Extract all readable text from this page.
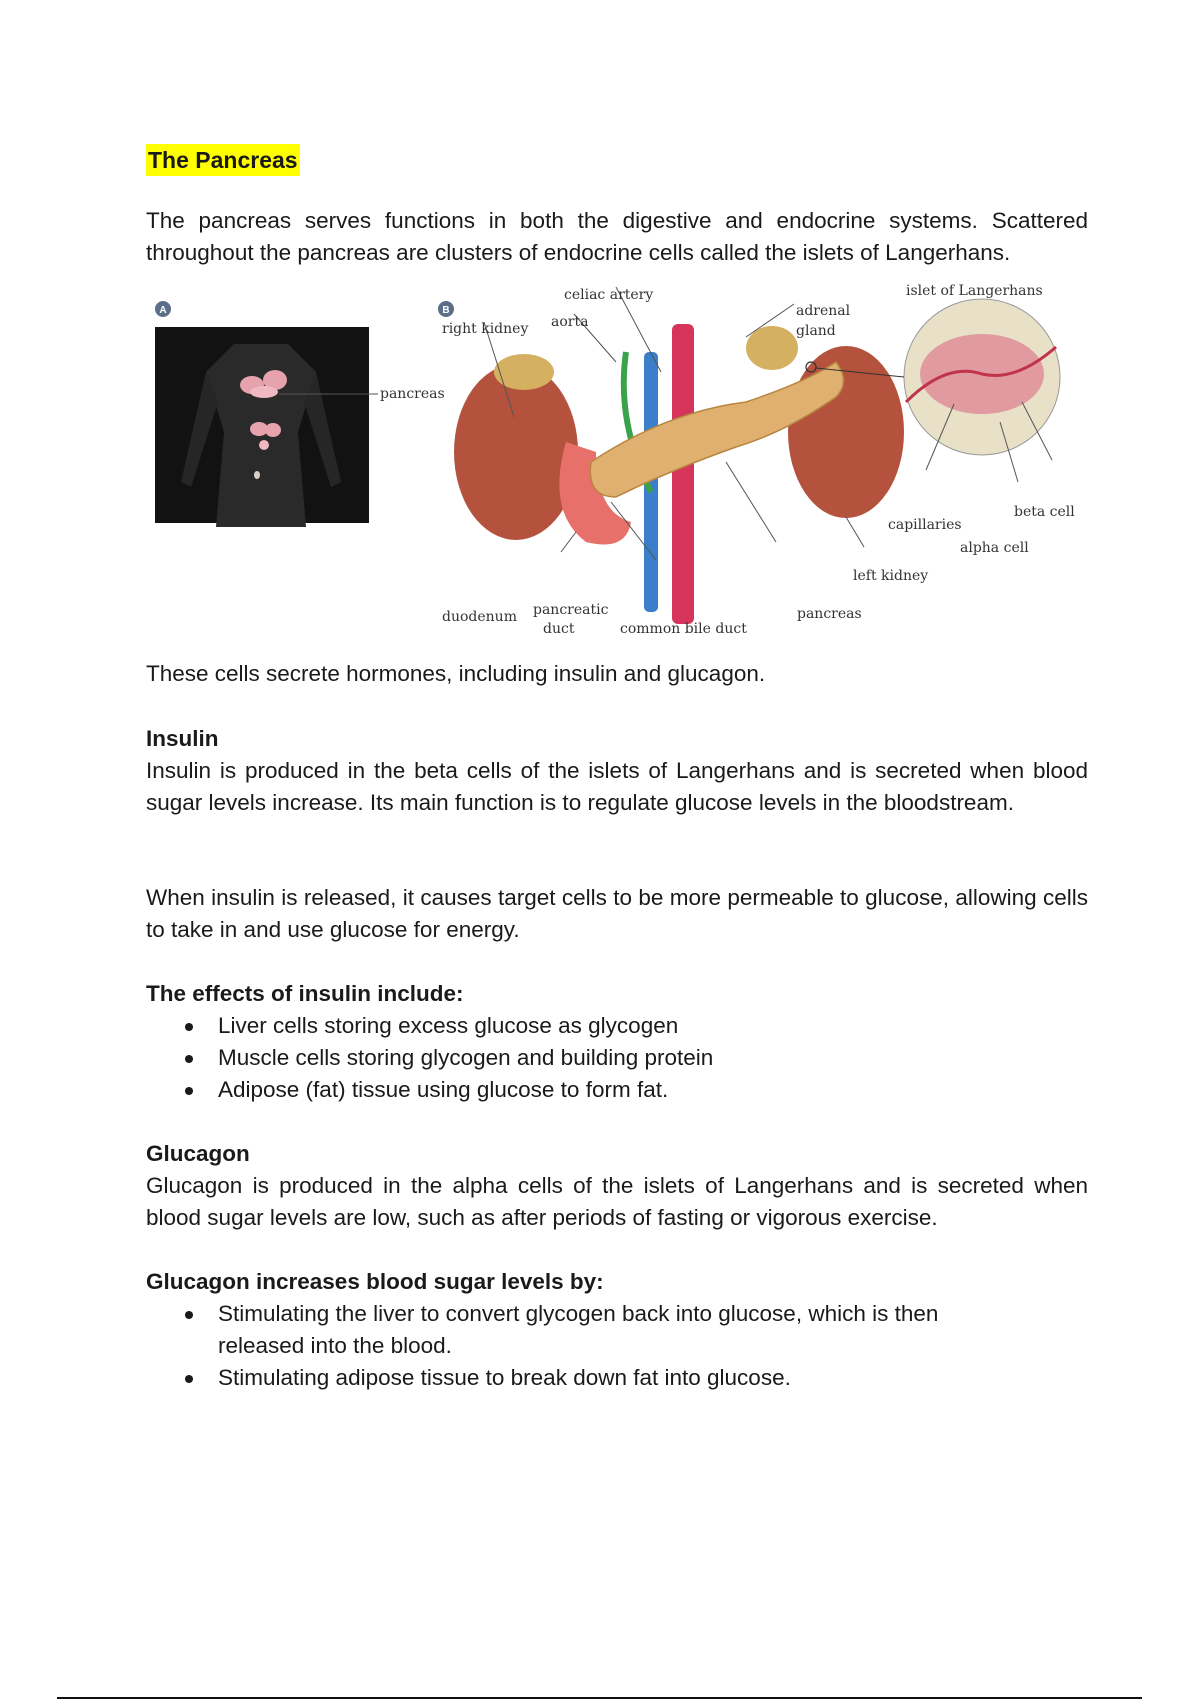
The Pancreas

The pancreas serves functions in both the digestive and endocrine systems. Scattered throughout the pancreas are clusters of endocrine cells called the islets of Langerhans.

These cells secrete hormones, including insulin and glucagon.

Insulin

Insulin is produced in the beta cells of the islets of Langerhans and is secreted when blood sugar levels increase. Its main function is to regulate glucose levels in the bloodstream.

When insulin is released, it causes target cells to be more permeable to glucose, allowing cells to take in and use glucose for energy.

The effects of insulin include:
Liver cells storing excess glucose as glycogen
Muscle cells storing glycogen and building protein
Adipose (fat) tissue using glucose to form fat.
Glucagon

Glucagon is produced in the alpha cells of the islets of Langerhans and is secreted when blood sugar levels are low, such as after periods of fasting or vigorous exercise.

Glucagon increases blood sugar levels by:
Stimulating the liver to convert glycogen back into glucose, which is then released into the blood.
Stimulating adipose tissue to break down fat into glucose.
A
pancreas
B
celiac artery	islet of Langerhans
right kidney aorta
adrenal
gland
capillaries
beta cell
alpha cell
left kidney
duodenum pancreatic
duct	common bile duct
pancreas
